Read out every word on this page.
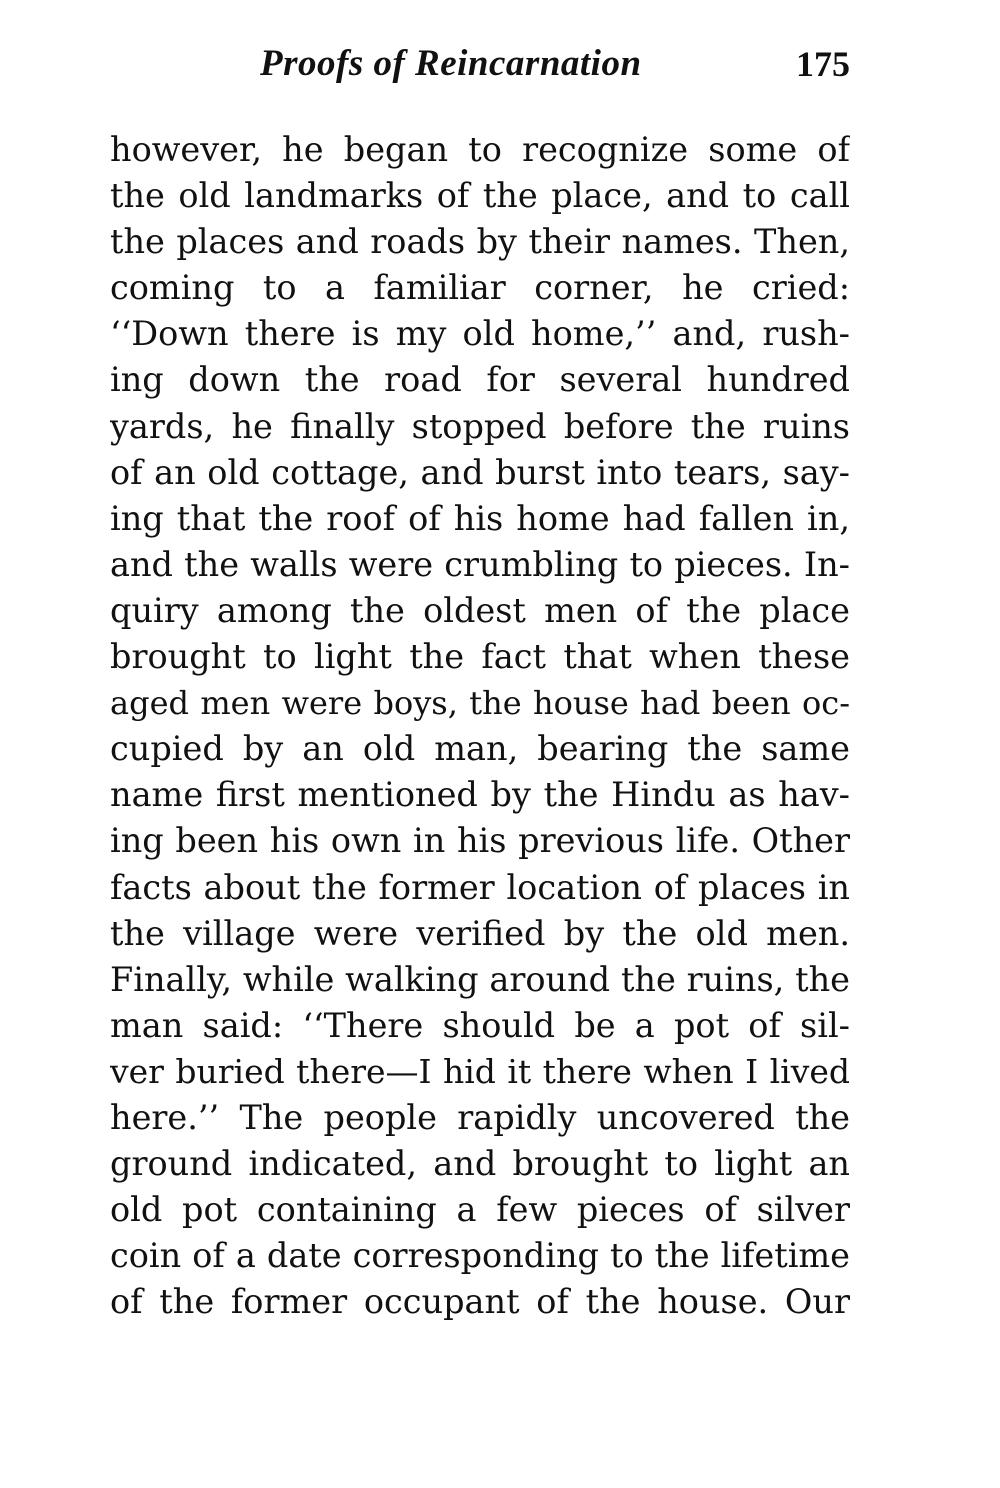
Proofs of Reincarnation	175
however, he began to recognize some of
the old landmarks of the place, and to call
the places and roads by their names. Then,
coming to a familiar corner, he cried:
‘‘Down there is my old home,’’ and, rush-
ing down the road for several hundred
yards, he finally stopped before the ruins
of an old cottage, and burst into tears, say-
ing that the roof of his home had fallen in,
and the walls were crumbling to pieces. In-
quiry among the oldest men of the place
brought to light the fact that when these
aged men were boys, the house had been oc-
cupied by an old man, bearing the same
name first mentioned by the Hindu as hav-
ing been his own in his previous life. Other
facts about the former location of places in
the village were verified by the old men.
Finally, while walking around the ruins, the
man said: ‘‘There should be a pot of sil-
ver buried there—I hid it there when I lived
here.’’ The people rapidly uncovered the
ground indicated, and brought to light an
old pot containing a few pieces of silver
coin of a date corresponding to the lifetime
of the former occupant of the house. Our
